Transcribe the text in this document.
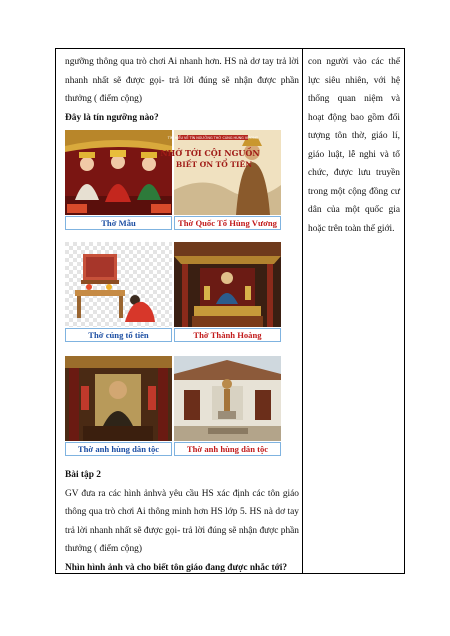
ngưỡng thông qua trò chơi Ai nhanh hơn. HS nà dơ tay trả lời nhanh nhất sẽ được gọi- trả lời đúng sẽ nhận được phần thưởng ( điểm cộng)

Đây là tín ngưỡng nào?

Thờ Mẫu
TÌM HIỂU VỀ TÍN NGƯỠNG THỜ CÚNG HÙNG VƯƠNG
NHỚ TỚI CỘI NGUỒN
BIẾT ƠN TỔ TIÊN
Thờ Quốc Tổ Hùng Vương
Thờ cúng tổ tiên	Thờ Thành Hoàng
Thờ anh hùng dân tộc	Thờ anh hùng dân tộc

Bài tập 2

GV đưa ra các hình ảnhvà yêu cầu HS xác định các tôn giáo thông qua trò chơi Ai thông minh hơn HS lớp 5. HS nà dơ tay trả lời nhanh nhất sẽ được gọi- trả lời đúng sẽ nhận được phần thưởng ( điểm cộng)

Nhìn hình ảnh và cho biết tôn giáo đang được nhắc tới?

con người vào các thế lực siêu nhiên, với hệ thống quan niệm và hoạt động bao gồm đối tượng tôn thờ, giáo lí, giáo luật, lễ nghi và tổ chức, được lưu truyền trong một cộng đồng cư dân của một quốc gia hoặc trên toàn thế giới.
